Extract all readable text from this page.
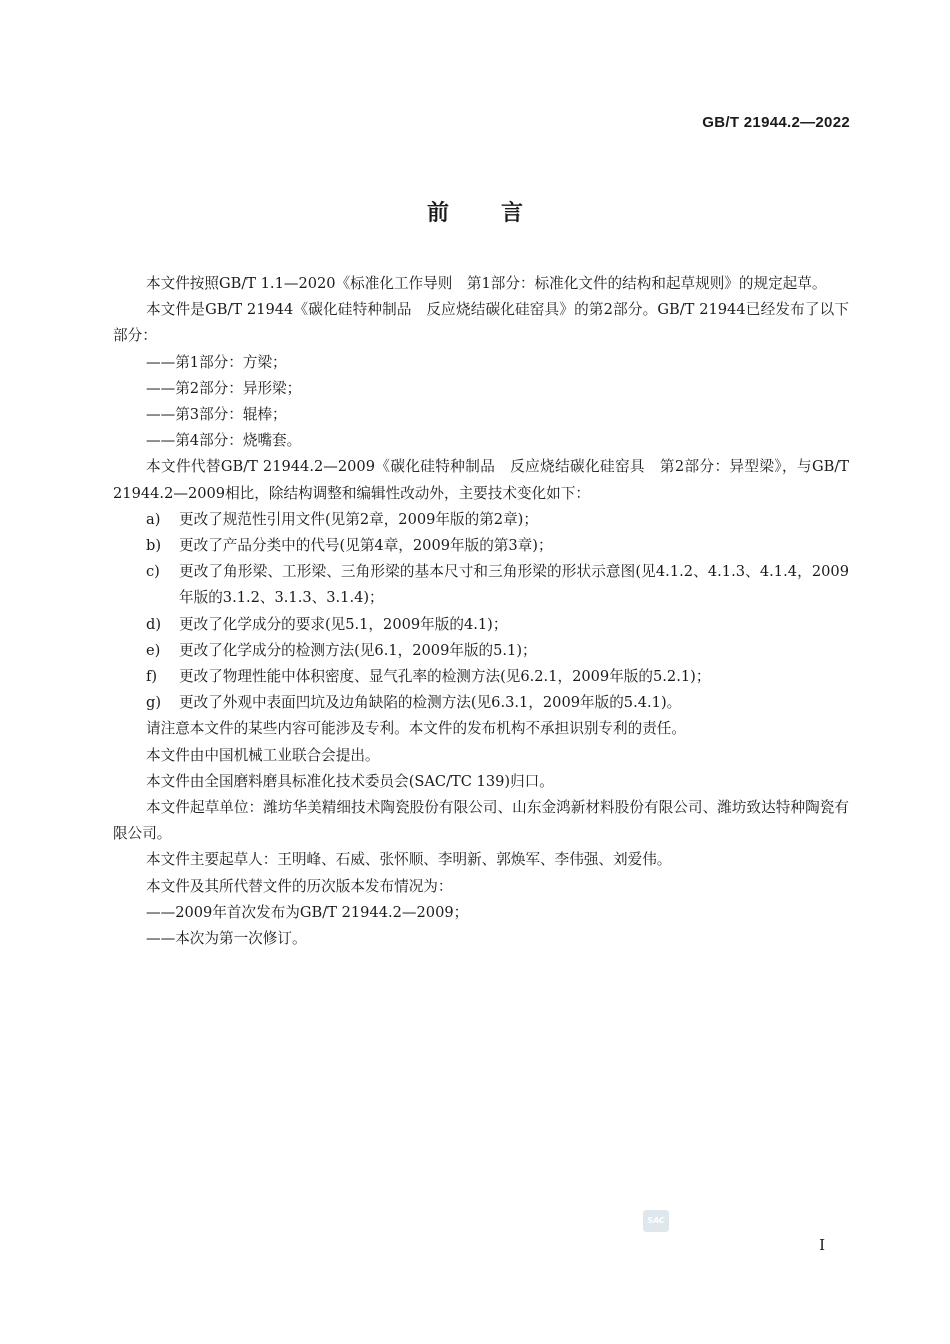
GB/T 21944.2—2022
前言

本文件按照GB/T 1.1—2020《标准化工作导则　第1部分：标准化文件的结构和起草规则》的规定起草。

本文件是GB/T 21944《碳化硅特种制品　反应烧结碳化硅窑具》的第2部分。GB/T 21944已经发布了以下部分：

——第1部分：方梁；

——第2部分：异形梁；

——第3部分：辊棒；

——第4部分：烧嘴套。

本文件代替GB/T 21944.2—2009《碳化硅特种制品　反应烧结碳化硅窑具　第2部分：异型梁》，与GB/T 21944.2—2009相比，除结构调整和编辑性改动外，主要技术变化如下：

a)	更改了规范性引用文件(见第2章，2009年版的第2章)；
b)	更改了产品分类中的代号(见第4章，2009年版的第3章)；
c)	更改了角形梁、工形梁、三角形梁的基本尺寸和三角形梁的形状示意图(见4.1.2、4.1.3、4.1.4，2009年版的3.1.2、3.1.3、3.1.4)；
d)	更改了化学成分的要求(见5.1，2009年版的4.1)；
e)	更改了化学成分的检测方法(见6.1，2009年版的5.1)；
f)	更改了物理性能中体积密度、显气孔率的检测方法(见6.2.1，2009年版的5.2.1)；
g)	更改了外观中表面凹坑及边角缺陷的检测方法(见6.3.1，2009年版的5.4.1)。

请注意本文件的某些内容可能涉及专利。本文件的发布机构不承担识别专利的责任。

本文件由中国机械工业联合会提出。

本文件由全国磨料磨具标准化技术委员会(SAC/TC 139)归口。

本文件起草单位：潍坊华美精细技术陶瓷股份有限公司、山东金鸿新材料股份有限公司、潍坊致达特种陶瓷有限公司。

本文件主要起草人：王明峰、石威、张怀顺、李明新、郭焕军、李伟强、刘爱伟。

本文件及其所代替文件的历次版本发布情况为：

——2009年首次发布为GB/T 21944.2—2009；

——本次为第一次修订。

SAC
I
